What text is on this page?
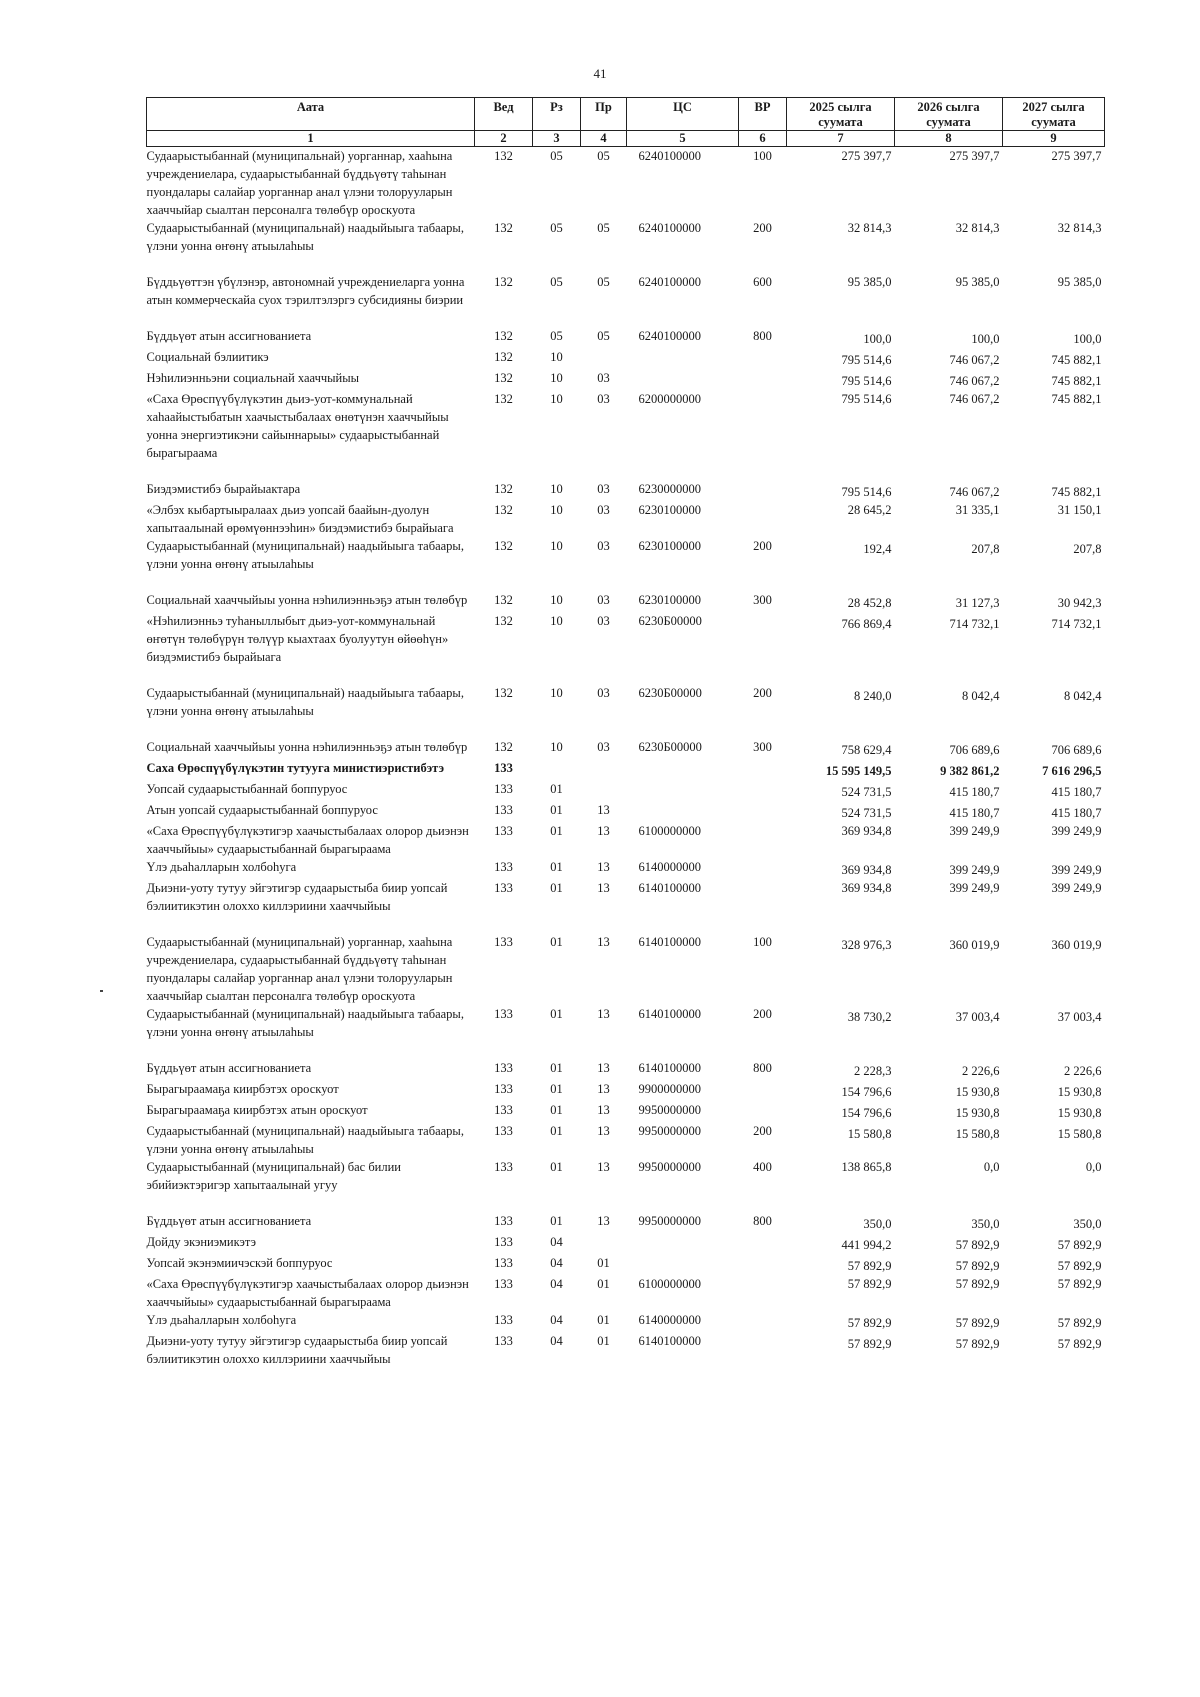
41
Аата	Вед	Рз	Пр	ЦС	ВР	2025 сылга суумата	2026 сылга суумата	2027 сылга суумата
1	2	3	4	5	6	7	8	9
Судаарыстыбаннай (муниципальнай) уорганнар, хааһына учреждениелара, судаарыстыбаннай бүддьүөтү таһынан пуондалары салайар уорганнар анал үлэни толорууларын хааччыйар сыалтан персоналга төлөбүр ороскуота	132	05	05	6240100000	100	275 397,7	275 397,7	275 397,7
Судаарыстыбаннай (муниципальнай) наадыйыыга табаары, үлэни уонна өҥөнү атыылаһыы	132	05	05	6240100000	200	32 814,3	32 814,3	32 814,3
Бүддьүөттэн үбүлэнэр, автономнай учреждениеларга уонна атын коммерческайа суох тэрилтэлэргэ субсидияны биэрии	132	05	05	6240100000	600	95 385,0	95 385,0	95 385,0
Бүддьүөт атын ассигнованиета	132	05	05	6240100000	800	100,0	100,0	100,0
Социальнай бэлиитикэ	132	10				795 514,6	746 067,2	745 882,1
Нэһилиэнньэни социальнай хааччыйыы	132	10	03			795 514,6	746 067,2	745 882,1
«Саха Өрөспүүбүлүкэтин дьиэ-уот-коммунальнай хаһаайыстыбатын хаачыстыбалаах өнөтүнэн хааччыйыы уонна энергиэтикэни сайыннарыы» судаарыстыбаннай бырагыраама	132	10	03	6200000000		795 514,6	746 067,2	745 882,1
Биэдэмистибэ бырайыактара	132	10	03	6230000000		795 514,6	746 067,2	745 882,1
«Элбэх кыбартыыралаах дьиэ уопсай баайын-дуолун хапытаалынай өрөмүөннээһин» биэдэмистибэ бырайыага	132	10	03	6230100000		28 645,2	31 335,1	31 150,1
Судаарыстыбаннай (муниципальнай) наадыйыыга табаары, үлэни уонна өҥөнү атыылаһыы	132	10	03	6230100000	200	192,4	207,8	207,8
Социальнай хааччыйыы уонна нэһилиэнньэҕэ атын төлөбүр	132	10	03	6230100000	300	28 452,8	31 127,3	30 942,3
«Нэһилиэнньэ туһаныллыбыт дьиэ-уот-коммунальнай өҥөтүн төлөбүрүн төлүүр кыахтаах буолуутун өйөөһүн» биэдэмистибэ бырайыага	132	10	03	6230Б00000		766 869,4	714 732,1	714 732,1
Судаарыстыбаннай (муниципальнай) наадыйыыга табаары, үлэни уонна өҥөнү атыылаһыы	132	10	03	6230Б00000	200	8 240,0	8 042,4	8 042,4
Социальнай хааччыйыы уонна нэһилиэнньэҕэ атын төлөбүр	132	10	03	6230Б00000	300	758 629,4	706 689,6	706 689,6
Саха Өрөспүүбүлүкэтин тутууга министиэристибэтэ	133					15 595 149,5	9 382 861,2	7 616 296,5
Уопсай судаарыстыбаннай боппуруос	133	01				524 731,5	415 180,7	415 180,7
Атын уопсай судаарыстыбаннай боппуруос	133	01	13			524 731,5	415 180,7	415 180,7
«Саха Өрөспүүбүлүкэтигэр хаачыстыбалаах олорор дьиэнэн хааччыйыы» судаарыстыбаннай бырагыраама	133	01	13	6100000000		369 934,8	399 249,9	399 249,9
Үлэ дьаһалларын холбоһуга	133	01	13	6140000000		369 934,8	399 249,9	399 249,9
Дьиэни-уоту тутуу эйгэтигэр судаарыстыба биир уопсай бэлиитикэтин олоххо киллэриини хааччыйыы	133	01	13	6140100000		369 934,8	399 249,9	399 249,9
Судаарыстыбаннай (муниципальнай) уорганнар, хааһына учреждениелара, судаарыстыбаннай бүддьүөтү таһынан пуондалары салайар уорганнар анал үлэни толорууларын хааччыйар сыалтан персоналга төлөбүр ороскуота	133	01	13	6140100000	100	328 976,3	360 019,9	360 019,9
Судаарыстыбаннай (муниципальнай) наадыйыыга табаары, үлэни уонна өҥөнү атыылаһыы	133	01	13	6140100000	200	38 730,2	37 003,4	37 003,4
Бүддьүөт атын ассигнованиета	133	01	13	6140100000	800	2 228,3	2 226,6	2 226,6
Бырагыраамаҕа киирбэтэх ороскуот	133	01	13	9900000000		154 796,6	15 930,8	15 930,8
Бырагыраамаҕа киирбэтэх атын ороскуот	133	01	13	9950000000		154 796,6	15 930,8	15 930,8
Судаарыстыбаннай (муниципальнай) наадыйыыга табаары, үлэни уонна өҥөнү атыылаһыы	133	01	13	9950000000	200	15 580,8	15 580,8	15 580,8
Судаарыстыбаннай (муниципальнай) бас билии эбийиэктэригэр хапытаалынай угуу	133	01	13	9950000000	400	138 865,8	0,0	0,0
Бүддьүөт атын ассигнованиета	133	01	13	9950000000	800	350,0	350,0	350,0
Дойду экэниэмикэтэ	133	04				441 994,2	57 892,9	57 892,9
Уопсай экэнэмиичэскэй боппуруос	133	04	01			57 892,9	57 892,9	57 892,9
«Саха Өрөспүүбүлүкэтигэр хаачыстыбалаах олорор дьиэнэн хааччыйыы» судаарыстыбаннай бырагыраама	133	04	01	6100000000		57 892,9	57 892,9	57 892,9
Үлэ дьаһалларын холбоһуга	133	04	01	6140000000		57 892,9	57 892,9	57 892,9
Дьиэни-уоту тутуу эйгэтигэр судаарыстыба биир уопсай бэлиитикэтин олоххо киллэриини хааччыйыы	133	04	01	6140100000		57 892,9	57 892,9	57 892,9
